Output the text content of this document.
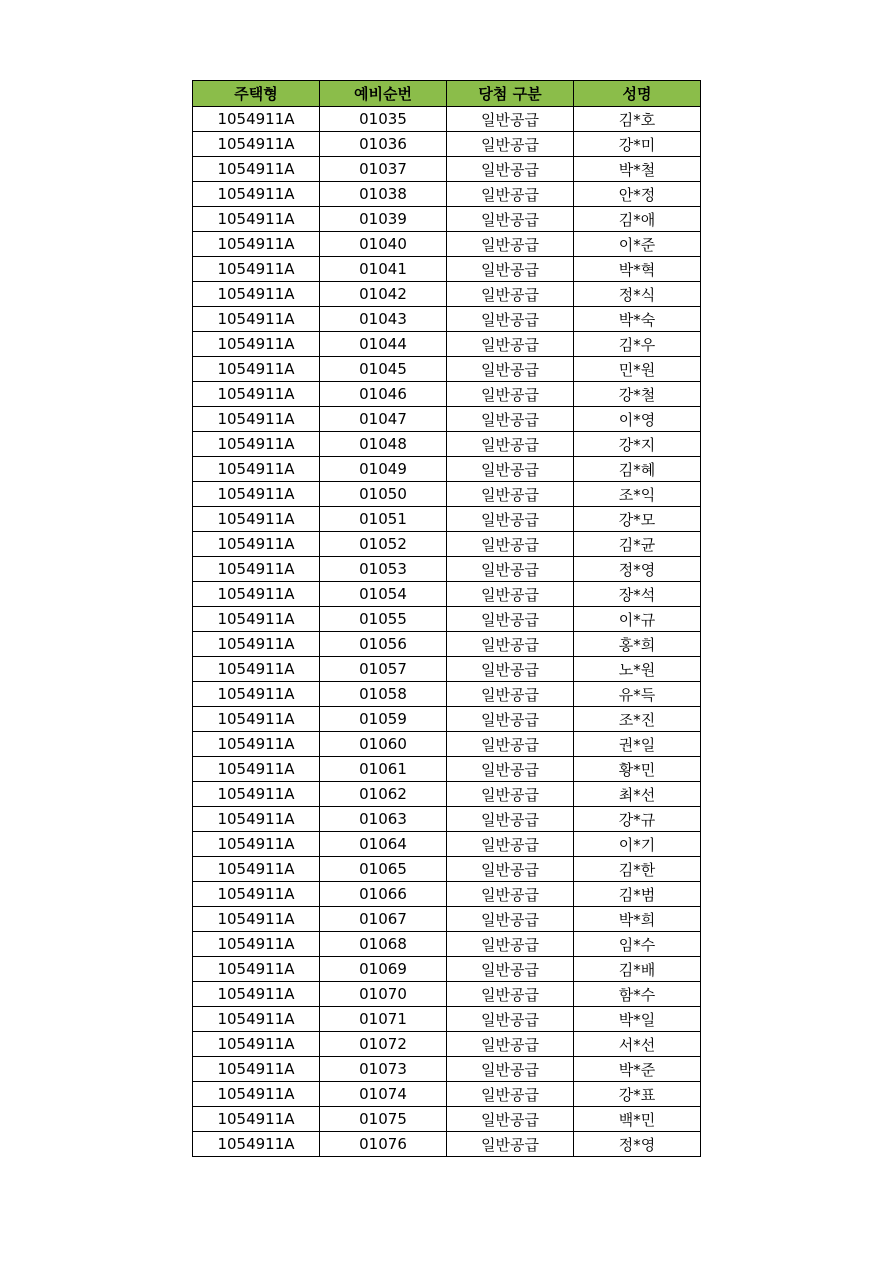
주택형	예비순번	당첨 구분	성명
1054911A	01035	일반공급	김*호
1054911A	01036	일반공급	강*미
1054911A	01037	일반공급	박*철
1054911A	01038	일반공급	안*정
1054911A	01039	일반공급	김*애
1054911A	01040	일반공급	이*준
1054911A	01041	일반공급	박*혁
1054911A	01042	일반공급	정*식
1054911A	01043	일반공급	박*숙
1054911A	01044	일반공급	김*우
1054911A	01045	일반공급	민*원
1054911A	01046	일반공급	강*철
1054911A	01047	일반공급	이*영
1054911A	01048	일반공급	강*지
1054911A	01049	일반공급	김*혜
1054911A	01050	일반공급	조*익
1054911A	01051	일반공급	강*모
1054911A	01052	일반공급	김*균
1054911A	01053	일반공급	정*영
1054911A	01054	일반공급	장*석
1054911A	01055	일반공급	이*규
1054911A	01056	일반공급	홍*희
1054911A	01057	일반공급	노*원
1054911A	01058	일반공급	유*득
1054911A	01059	일반공급	조*진
1054911A	01060	일반공급	권*일
1054911A	01061	일반공급	황*민
1054911A	01062	일반공급	최*선
1054911A	01063	일반공급	강*규
1054911A	01064	일반공급	이*기
1054911A	01065	일반공급	김*한
1054911A	01066	일반공급	김*범
1054911A	01067	일반공급	박*희
1054911A	01068	일반공급	임*수
1054911A	01069	일반공급	김*배
1054911A	01070	일반공급	함*수
1054911A	01071	일반공급	박*일
1054911A	01072	일반공급	서*선
1054911A	01073	일반공급	박*준
1054911A	01074	일반공급	강*표
1054911A	01075	일반공급	백*민
1054911A	01076	일반공급	정*영
